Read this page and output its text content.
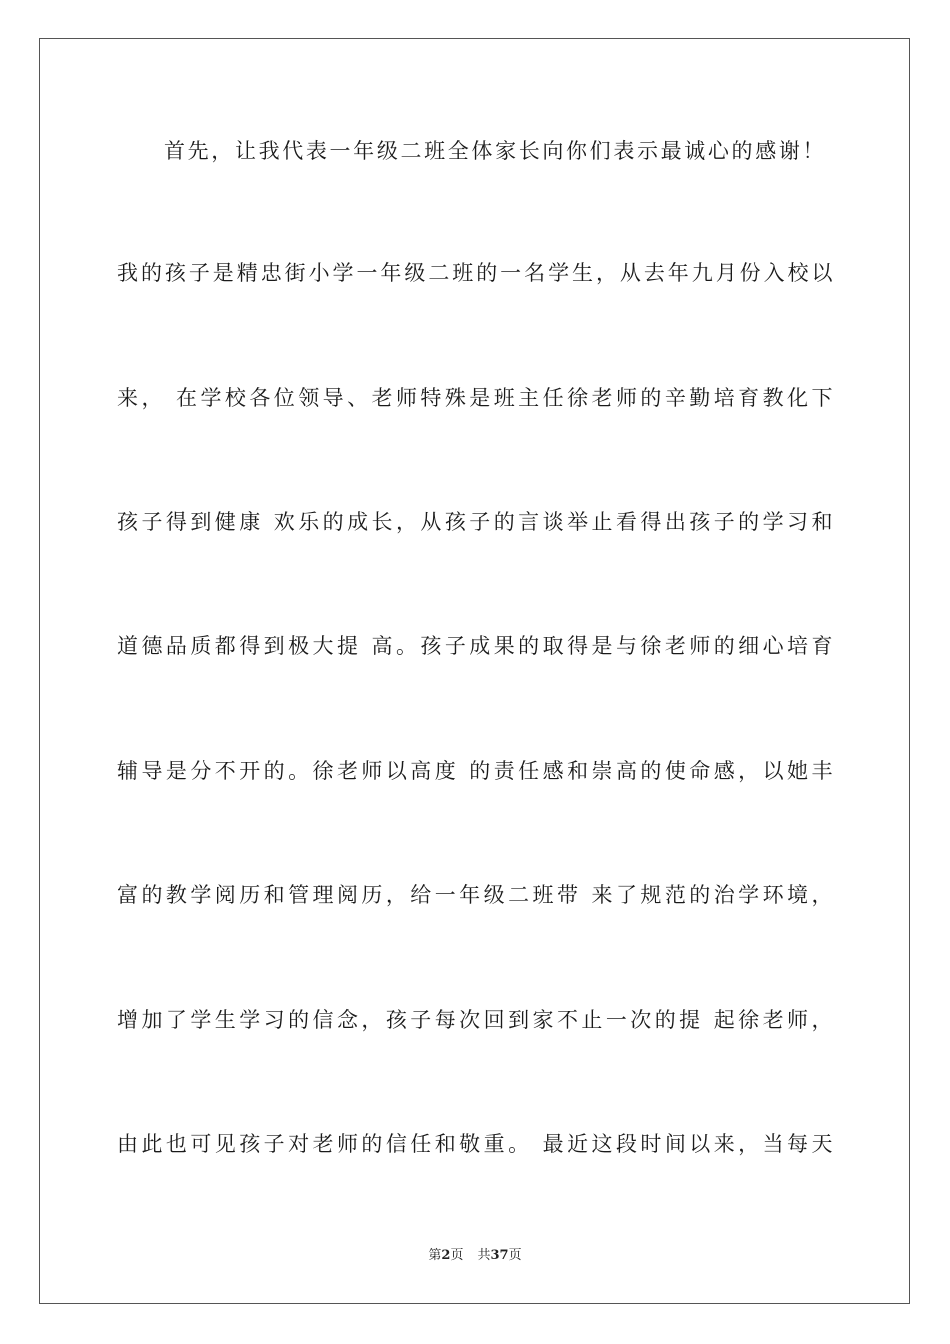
首先，让我代表一年级二班全体家长向你们表示最诚心的感谢！
我的孩子是精忠街小学一年级二班的一名学生，从去年九月份入校以
来， 在学校各位领导、老师特殊是班主任徐老师的辛勤培育教化下
孩子得到健康 欢乐的成长，从孩子的言谈举止看得出孩子的学习和
道德品质都得到极大提 高。孩子成果的取得是与徐老师的细心培育
辅导是分不开的。徐老师以高度 的责任感和崇高的使命感，以她丰
富的教学阅历和管理阅历，给一年级二班带 来了规范的治学环境，
增加了学生学习的信念，孩子每次回到家不止一次的提 起徐老师，
由此也可见孩子对老师的信任和敬重。 最近这段时间以来，当每天
第2页 共37页
